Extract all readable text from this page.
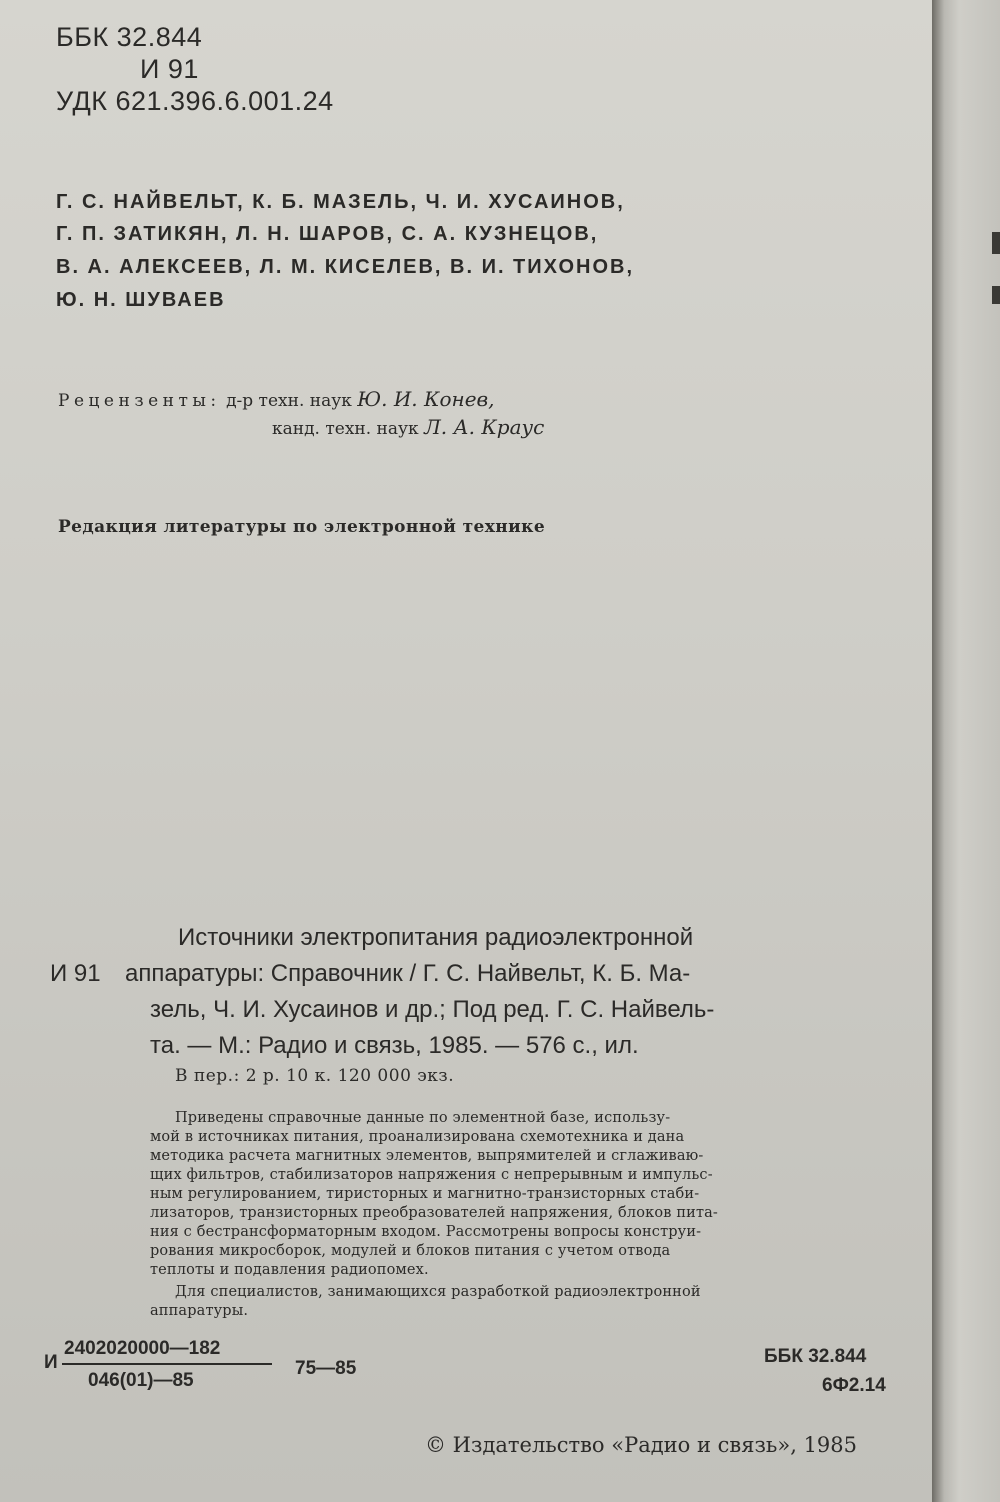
ББК 32.844
И 91
УДК 621.396.6.001.24
Г. С. НАЙВЕЛЬТ, К. Б. МАЗЕЛЬ, Ч. И. ХУСАИНОВ,
Г. П. ЗАТИКЯН, Л. Н. ШАРОВ, С. А. КУЗНЕЦОВ,
В. А. АЛЕКСЕЕВ, Л. М. КИСЕЛЕВ, В. И. ТИХОНОВ,
Ю. Н. ШУВАЕВ
Рецензенты: д-р техн. наук Ю. И. Конев,
канд. техн. наук Л. А. Краус
Редакция литературы по электронной технике
Источники электропитания радиоэлектронной
И 91 аппаратуры: Справочник / Г. С. Найвельт, К. Б. Ма-
зель, Ч. И. Хусаинов и др.; Под ред. Г. С. Найвель-
та. — М.: Радио и связь, 1985. — 576 с., ил.
В пер.: 2 р. 10 к. 120 000 экз.
Приведены справочные данные по элементной базе, использу-
мой в источниках питания, проанализирована схемотехника и дана
методика расчета магнитных элементов, выпрямителей и сглаживаю-
щих фильтров, стабилизаторов напряжения с непрерывным и импульс-
ным регулированием, тиристорных и магнитно-транзисторных стаби-
лизаторов, транзисторных преобразователей напряжения, блоков пита-
ния с бестрансформаторным входом. Рассмотрены вопросы конструи-
рования микросборок, модулей и блоков питания с учетом отвода
теплоты и подавления радиопомех.
Для специалистов, занимающихся разработкой радиоэлектронной
аппаратуры.
И
2402020000—182
046(01)—85
75—85
ББК 32.844
6Ф2.14
© Издательство «Радио и связь», 1985
